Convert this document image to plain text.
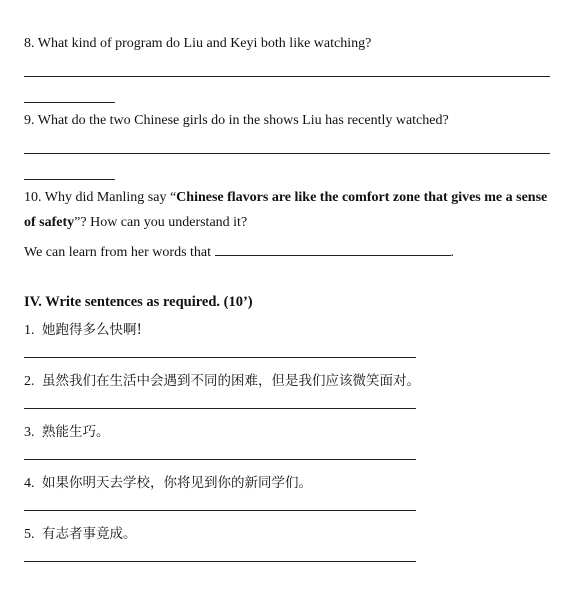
8. What kind of program do Liu and Keyi both like watching?
9. What do the two Chinese girls do in the shows Liu has recently watched?
10. Why did Manling say “Chinese flavors are like the comfort zone that gives me a sense
of safety”? How can you understand it?
We can learn from her words that	.
IV. Write sentences as required. (10’)
1. 她跑得多么快啊!
2. 虽然我们在生活中会遇到不同的困难，但是我们应该微笑面对。
3. 熟能生巧。
4. 如果你明天去学校，你将见到你的新同学们。
5. 有志者事竟成。
